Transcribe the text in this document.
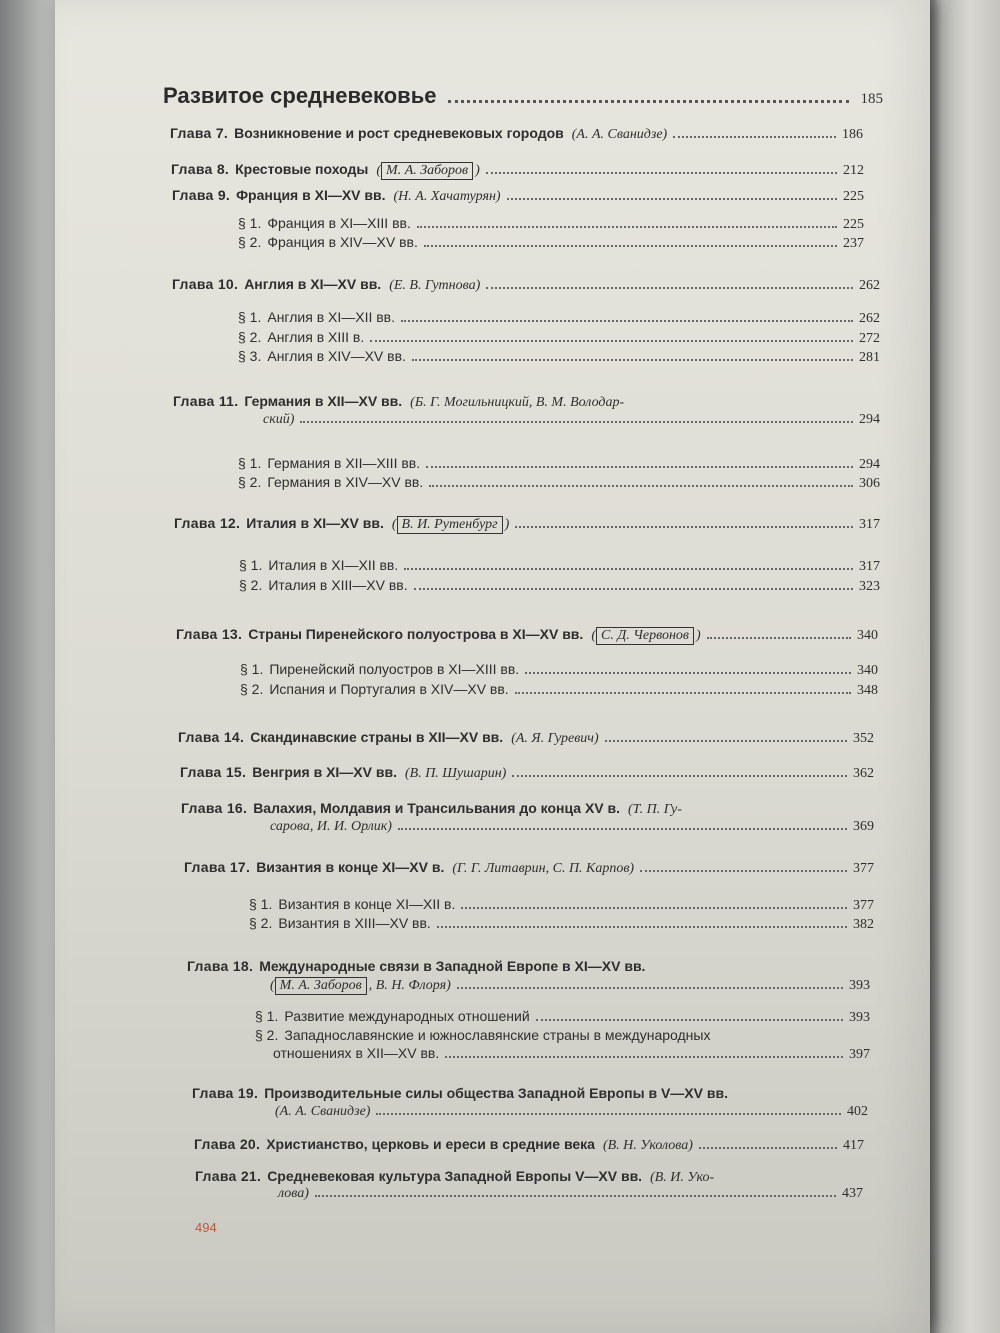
Развитое средневековье	185
Глава 7. Возникновение и рост средневековых городов (А. А. Сванидзе)	186
Глава 8. Крестовые походы ( М. А. Заборов )	212
Глава 9. Франция в XI—XV вв. (Н. А. Хачатурян)	225
§ 1. Франция в XI—XIII вв.	225
§ 2. Франция в XIV—XV вв.	237
Глава 10. Англия в XI—XV вв. (Е. В. Гутнова)	262
§ 1. Англия в XI—XII вв.	262
§ 2. Англия в XIII в.	272
§ 3. Англия в XIV—XV вв.	281
Глава 11. Германия в XII—XV вв. (Б. Г. Могильницкий, В. М. Володар-
ский)	294
§ 1. Германия в XII—XIII вв.	294
§ 2. Германия в XIV—XV вв.	306
Глава 12. Италия в XI—XV вв. ( В. И. Рутенбург )	317
§ 1. Италия в XI—XII вв.	317
§ 2. Италия в XIII—XV вв.	323
Глава 13. Страны Пиренейского полуострова в XI—XV вв. ( С. Д. Червонов )	340
§ 1. Пиренейский полуостров в XI—XIII вв.	340
§ 2. Испания и Португалия в XIV—XV вв.	348
Глава 14. Скандинавские страны в XII—XV вв. (А. Я. Гуревич)	352
Глава 15. Венгрия в XI—XV вв. (В. П. Шушарин)	362
Глава 16. Валахия, Молдавия и Трансильвания до конца XV в. (Т. П. Гу-
сарова, И. И. Орлик)	369
Глава 17. Византия в конце XI—XV в. (Г. Г. Литаврин, С. П. Карпов)	377
§ 1. Византия в конце XI—XII в.	377
§ 2. Византия в XIII—XV вв.	382
Глава 18. Международные связи в Западной Европе в XI—XV вв.
( М. А. Заборов , В. Н. Флоря)	393
§ 1. Развитие международных отношений	393
§ 2. Западнославянские и южнославянские страны в международных
отношениях в XII—XV вв.	397
Глава 19. Производительные силы общества Западной Европы в V—XV вв.
(А. А. Сванидзе)	402
Глава 20. Христианство, церковь и ереси в средние века (В. Н. Уколова)	417
Глава 21. Средневековая культура Западной Европы V—XV вв. (В. И. Уко-
лова)	437
494
